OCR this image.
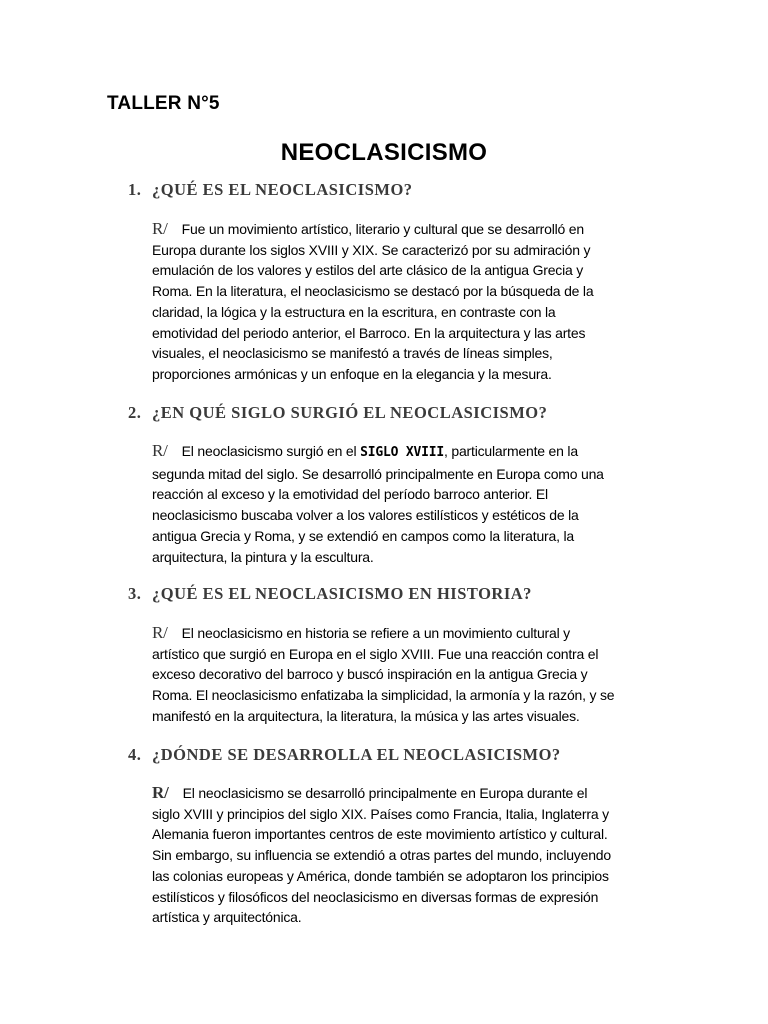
TALLER N°5
NEOCLASICISMO
1. ¿QUÉ ES EL NEOCLASICISMO?
R/ Fue un movimiento artístico, literario y cultural que se desarrolló en
Europa durante los siglos XVIII y XIX. Se caracterizó por su admiración y
emulación de los valores y estilos del arte clásico de la antigua Grecia y
Roma. En la literatura, el neoclasicismo se destacó por la búsqueda de la
claridad, la lógica y la estructura en la escritura, en contraste con la
emotividad del periodo anterior, el Barroco. En la arquitectura y las artes
visuales, el neoclasicismo se manifestó a través de líneas simples,
proporciones armónicas y un enfoque en la elegancia y la mesura.
2. ¿EN QUÉ SIGLO SURGIÓ EL NEOCLASICISMO?
R/ El neoclasicismo surgió en el SIGLO XVIII, particularmente en la
segunda mitad del siglo. Se desarrolló principalmente en Europa como una
reacción al exceso y la emotividad del período barroco anterior. El
neoclasicismo buscaba volver a los valores estilísticos y estéticos de la
antigua Grecia y Roma, y se extendió en campos como la literatura, la
arquitectura, la pintura y la escultura.
3. ¿QUÉ ES EL NEOCLASICISMO EN HISTORIA?
R/ El neoclasicismo en historia se refiere a un movimiento cultural y
artístico que surgió en Europa en el siglo XVIII. Fue una reacción contra el
exceso decorativo del barroco y buscó inspiración en la antigua Grecia y
Roma. El neoclasicismo enfatizaba la simplicidad, la armonía y la razón, y se
manifestó en la arquitectura, la literatura, la música y las artes visuales.
4. ¿DÓNDE SE DESARROLLA EL NEOCLASICISMO?
R/ El neoclasicismo se desarrolló principalmente en Europa durante el
siglo XVIII y principios del siglo XIX. Países como Francia, Italia, Inglaterra y
Alemania fueron importantes centros de este movimiento artístico y cultural.
Sin embargo, su influencia se extendió a otras partes del mundo, incluyendo
las colonias europeas y América, donde también se adoptaron los principios
estilísticos y filosóficos del neoclasicismo en diversas formas de expresión
artística y arquitectónica.
